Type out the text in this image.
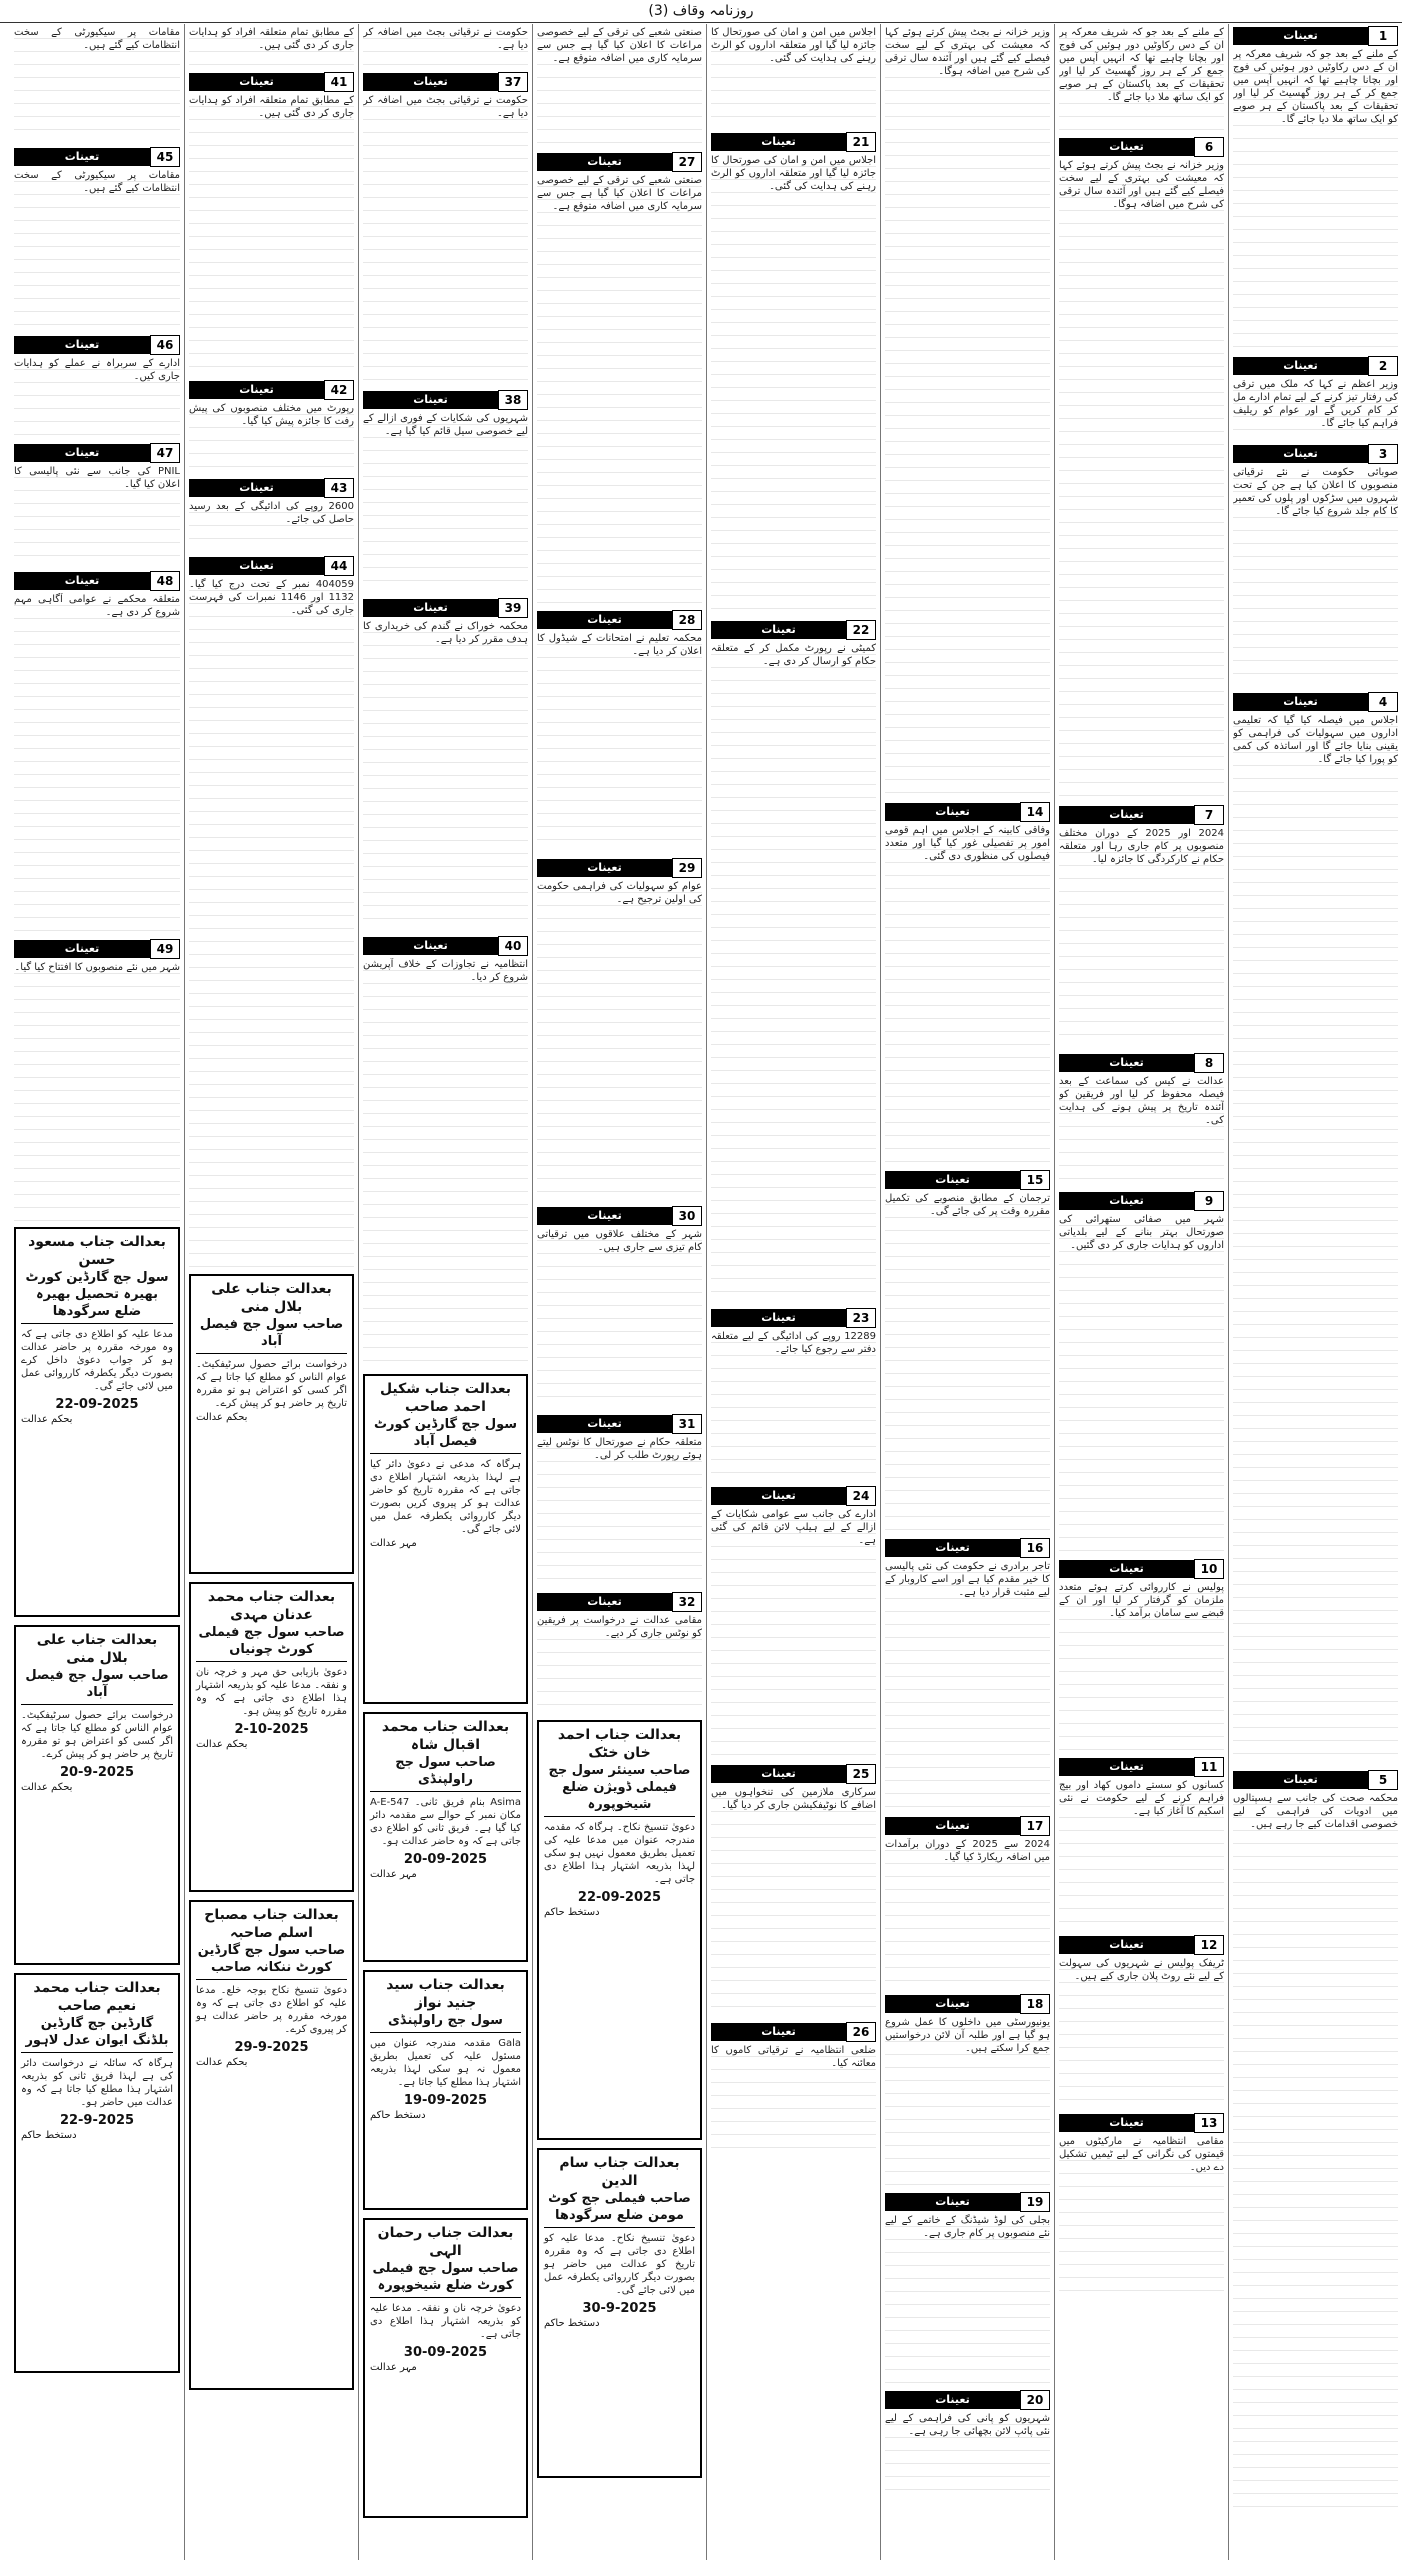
روزنامہ وقاف (3)
1
تعینات
کے ملنے کے بعد جو کہ شریف معرکہ پر ان کے دس رکاوٹیں دور ہوئیں کی فوج اور بچانا چاہیے تھا کہ انہیں آپس میں جمع کر کے ہر روز گھسیٹ کر لیا اور تحقیقات کے بعد پاکستان کے ہر صوبے کو ایک ساتھ ملا دیا جائے گا۔
2
تعینات
وزیر اعظم نے کہا کہ ملک میں ترقی کی رفتار تیز کرنے کے لیے تمام ادارے مل کر کام کریں گے اور عوام کو ریلیف فراہم کیا جائے گا۔
3
تعینات
صوبائی حکومت نے نئے ترقیاتی منصوبوں کا اعلان کیا ہے جن کے تحت شہروں میں سڑکوں اور پلوں کی تعمیر کا کام جلد شروع کیا جائے گا۔
4
تعینات
اجلاس میں فیصلہ کیا گیا کہ تعلیمی اداروں میں سہولیات کی فراہمی کو یقینی بنایا جائے گا اور اساتذہ کی کمی کو پورا کیا جائے گا۔
5
تعینات
محکمہ صحت کی جانب سے ہسپتالوں میں ادویات کی فراہمی کے لیے خصوصی اقدامات کیے جا رہے ہیں۔
کے ملنے کے بعد جو کہ شریف معرکہ پر ان کے دس رکاوٹیں دور ہوئیں کی فوج اور بچانا چاہیے تھا کہ انہیں آپس میں جمع کر کے ہر روز گھسیٹ کر لیا اور تحقیقات کے بعد پاکستان کے ہر صوبے کو ایک ساتھ ملا دیا جائے گا۔
6
تعینات
وزیر خزانہ نے بجٹ پیش کرتے ہوئے کہا کہ معیشت کی بہتری کے لیے سخت فیصلے کیے گئے ہیں اور آئندہ سال ترقی کی شرح میں اضافہ ہوگا۔
7
تعینات
2024 اور 2025 کے دوران مختلف منصوبوں پر کام جاری رہا اور متعلقہ حکام نے کارکردگی کا جائزہ لیا۔
8
تعینات
عدالت نے کیس کی سماعت کے بعد فیصلہ محفوظ کر لیا اور فریقین کو آئندہ تاریخ پر پیش ہونے کی ہدایت کی۔
9
تعینات
شہر میں صفائی ستھرائی کی صورتحال بہتر بنانے کے لیے بلدیاتی اداروں کو ہدایات جاری کر دی گئیں۔
10
تعینات
پولیس نے کارروائی کرتے ہوئے متعدد ملزمان کو گرفتار کر لیا اور ان کے قبضے سے سامان برآمد کیا۔
11
تعینات
کسانوں کو سستے داموں کھاد اور بیج فراہم کرنے کے لیے حکومت نے نئی اسکیم کا آغاز کیا ہے۔
12
تعینات
ٹریفک پولیس نے شہریوں کی سہولت کے لیے نئے روٹ پلان جاری کیے ہیں۔
13
تعینات
مقامی انتظامیہ نے مارکیٹوں میں قیمتوں کی نگرانی کے لیے ٹیمیں تشکیل دے دیں۔
وزیر خزانہ نے بجٹ پیش کرتے ہوئے کہا کہ معیشت کی بہتری کے لیے سخت فیصلے کیے گئے ہیں اور آئندہ سال ترقی کی شرح میں اضافہ ہوگا۔
14
تعینات
وفاقی کابینہ کے اجلاس میں اہم قومی امور پر تفصیلی غور کیا گیا اور متعدد فیصلوں کی منظوری دی گئی۔
15
تعینات
ترجمان کے مطابق منصوبے کی تکمیل مقررہ وقت پر کی جائے گی۔
16
تعینات
تاجر برادری نے حکومت کی نئی پالیسی کا خیر مقدم کیا ہے اور اسے کاروبار کے لیے مثبت قرار دیا ہے۔
17
تعینات
2024 سے 2025 کے دوران برآمدات میں اضافہ ریکارڈ کیا گیا۔
18
تعینات
یونیورسٹی میں داخلوں کا عمل شروع ہو گیا ہے اور طلبہ آن لائن درخواستیں جمع کرا سکتے ہیں۔
19
تعینات
بجلی کی لوڈ شیڈنگ کے خاتمے کے لیے نئے منصوبوں پر کام جاری ہے۔
20
تعینات
شہریوں کو پانی کی فراہمی کے لیے نئی پائپ لائن بچھائی جا رہی ہے۔
اجلاس میں امن و امان کی صورتحال کا جائزہ لیا گیا اور متعلقہ اداروں کو الرٹ رہنے کی ہدایت کی گئی۔
21
تعینات
اجلاس میں امن و امان کی صورتحال کا جائزہ لیا گیا اور متعلقہ اداروں کو الرٹ رہنے کی ہدایت کی گئی۔
22
تعینات
کمیٹی نے رپورٹ مکمل کر کے متعلقہ حکام کو ارسال کر دی ہے۔
23
تعینات
12289 روپے کی ادائیگی کے لیے متعلقہ دفتر سے رجوع کیا جائے۔
24
تعینات
ادارے کی جانب سے عوامی شکایات کے ازالے کے لیے ہیلپ لائن قائم کی گئی ہے۔
25
تعینات
سرکاری ملازمین کی تنخواہوں میں اضافے کا نوٹیفکیشن جاری کر دیا گیا۔
26
تعینات
ضلعی انتظامیہ نے ترقیاتی کاموں کا معائنہ کیا۔
صنعتی شعبے کی ترقی کے لیے خصوصی مراعات کا اعلان کیا گیا ہے جس سے سرمایہ کاری میں اضافہ متوقع ہے۔
27
تعینات
صنعتی شعبے کی ترقی کے لیے خصوصی مراعات کا اعلان کیا گیا ہے جس سے سرمایہ کاری میں اضافہ متوقع ہے۔
28
تعینات
محکمہ تعلیم نے امتحانات کے شیڈول کا اعلان کر دیا ہے۔
29
تعینات
عوام کو سہولیات کی فراہمی حکومت کی اولین ترجیح ہے۔
30
تعینات
شہر کے مختلف علاقوں میں ترقیاتی کام تیزی سے جاری ہیں۔
31
تعینات
متعلقہ حکام نے صورتحال کا نوٹس لیتے ہوئے رپورٹ طلب کر لی۔
32
تعینات
مقامی عدالت نے درخواست پر فریقین کو نوٹس جاری کر دیے۔
بعدالت جناب احمد خان خٹک
صاحب سینئر سول جج فیملی ڈویژن ضلع شیخوپورہ
دعویٰ تنسیخ نکاح۔ ہرگاہ کہ مقدمہ مندرجہ عنوان میں مدعا علیہ کی تعمیل بطریق معمول نہیں ہو سکی لہذا بذریعہ اشتہار ہذا اطلاع دی جاتی ہے۔
22-09-2025
دستخط حاکم
بعدالت جناب سام الدین
صاحب فیملی جج کوٹ مومن ضلع سرگودھا
دعویٰ تنسیخ نکاح۔ مدعا علیہ کو اطلاع دی جاتی ہے کہ وہ مقررہ تاریخ کو عدالت میں حاضر ہو بصورت دیگر کارروائی یکطرفہ عمل میں لائی جائے گی۔
30-9-2025
دستخط حاکم
حکومت نے ترقیاتی بجٹ میں اضافہ کر دیا ہے۔
37
تعینات
حکومت نے ترقیاتی بجٹ میں اضافہ کر دیا ہے۔
38
تعینات
شہریوں کی شکایات کے فوری ازالے کے لیے خصوصی سیل قائم کیا گیا ہے۔
39
تعینات
محکمہ خوراک نے گندم کی خریداری کا ہدف مقرر کر دیا ہے۔
40
تعینات
انتظامیہ نے تجاوزات کے خلاف آپریشن شروع کر دیا۔
بعدالت جناب شکیل احمد صاحب
سول جج گارڈین کورٹ فیصل آباد
ہرگاہ کہ مدعی نے دعویٰ دائر کیا ہے لہذا بذریعہ اشتہار اطلاع دی جاتی ہے کہ مقررہ تاریخ کو حاضر عدالت ہو کر پیروی کریں بصورت دیگر کارروائی یکطرفہ عمل میں لائی جائے گی۔
مہر عدالت
بعدالت جناب محمد اقبال شاہ
صاحب سول جج راولپنڈی
Asima بنام فریق ثانی۔ 547-A-E مکان نمبر کے حوالے سے مقدمہ دائر کیا گیا ہے۔ فریق ثانی کو اطلاع دی جاتی ہے کہ وہ حاضر عدالت ہو۔
20-09-2025
مہر عدالت
بعدالت جناب سید جنید نواز
سول جج راولپنڈی
Gala مقدمہ مندرجہ عنوان میں مسئول علیہ کی تعمیل بطریق معمول نہ ہو سکی لہذا بذریعہ اشتہار ہذا مطلع کیا جاتا ہے۔
19-09-2025
دستخط حاکم
بعدالت جناب رحمان الہی
صاحب سول جج فیملی کورٹ ضلع شیخوپورہ
دعویٰ خرچہ نان و نفقہ۔ مدعا علیہ کو بذریعہ اشتہار ہذا اطلاع دی جاتی ہے۔
30-09-2025
مہر عدالت
کے مطابق تمام متعلقہ افراد کو ہدایات جاری کر دی گئی ہیں۔
41
تعینات
کے مطابق تمام متعلقہ افراد کو ہدایات جاری کر دی گئی ہیں۔
42
تعینات
رپورٹ میں مختلف منصوبوں کی پیش رفت کا جائزہ پیش کیا گیا۔
43
تعینات
2600 روپے کی ادائیگی کے بعد رسید حاصل کی جائے۔
44
تعینات
404059 نمبر کے تحت درج کیا گیا۔ 1132 اور 1146 نمبرات کی فہرست جاری کی گئی۔
بعدالت جناب علی بلال منی
صاحب سول جج فیصل آباد
درخواست برائے حصول سرٹیفکیٹ۔ عوام الناس کو مطلع کیا جاتا ہے کہ اگر کسی کو اعتراض ہو تو مقررہ تاریخ پر حاضر ہو کر پیش کرے۔
بحکم عدالت
بعدالت جناب محمد عدنان مہدی
صاحب سول جج فیملی کورٹ چونیاں
دعویٰ بازیابی حق مہر و خرچہ نان و نفقہ۔ مدعا علیہ کو بذریعہ اشتہار ہذا اطلاع دی جاتی ہے کہ وہ مقررہ تاریخ کو پیش ہو۔
2-10-2025
بحکم عدالت
بعدالت جناب مصباح اسلم صاحبہ
صاحب سول جج گارڈین کورٹ ننکانہ صاحب
دعویٰ تنسیخ نکاح بوجہ خلع۔ مدعا علیہ کو اطلاع دی جاتی ہے کہ وہ مورخہ مقررہ پر حاضر عدالت ہو کر پیروی کرے۔
29-9-2025
بحکم عدالت
مقامات پر سیکیورٹی کے سخت انتظامات کیے گئے ہیں۔
45
تعینات
مقامات پر سیکیورٹی کے سخت انتظامات کیے گئے ہیں۔
46
تعینات
ادارے کے سربراہ نے عملے کو ہدایات جاری کیں۔
47
تعینات
PNIL کی جانب سے نئی پالیسی کا اعلان کیا گیا۔
48
تعینات
متعلقہ محکمے نے عوامی آگاہی مہم شروع کر دی ہے۔
49
تعینات
شہر میں نئے منصوبوں کا افتتاح کیا گیا۔
بعدالت جناب مسعود حسن
سول جج گارڈین کورٹ بھیرہ تحصیل بھیرہ ضلع سرگودھا
مدعا علیہ کو اطلاع دی جاتی ہے کہ وہ مورخہ مقررہ پر حاضر عدالت ہو کر جواب دعویٰ داخل کرے بصورت دیگر یکطرفہ کارروائی عمل میں لائی جائے گی۔
22-09-2025
بحکم عدالت
بعدالت جناب علی بلال منی
صاحب سول جج فیصل آباد
درخواست برائے حصول سرٹیفکیٹ۔ عوام الناس کو مطلع کیا جاتا ہے کہ اگر کسی کو اعتراض ہو تو مقررہ تاریخ پر حاضر ہو کر پیش کرے۔
20-9-2025
بحکم عدالت
بعدالت جناب محمد نعیم صاحب
گارڈین جج گارڈین بلڈنگ ایوان عدل لاہور
ہرگاہ کہ سائلہ نے درخواست دائر کی ہے لہذا فریق ثانی کو بذریعہ اشتہار ہذا مطلع کیا جاتا ہے کہ وہ عدالت میں حاضر ہو۔
22-9-2025
دستخط حاکم
